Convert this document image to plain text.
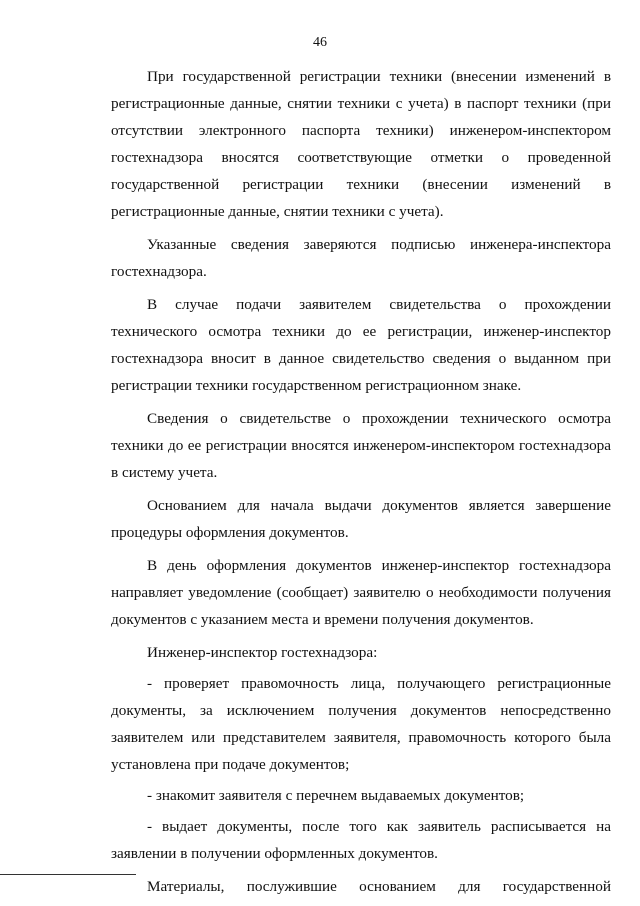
46

При государственной регистрации техники (внесении изменений в регистрационные данные, снятии техники с учета) в паспорт техники (при отсутствии электронного паспорта техники) инженером-инспектором гостехнадзора вносятся соответствующие отметки о проведенной государственной регистрации техники (внесении изменений в регистрационные данные, снятии техники с учета).

Указанные сведения заверяются подписью инженера-инспектора гостехнадзора.

В случае подачи заявителем свидетельства о прохождении технического осмотра техники до ее регистрации, инженер-инспектор гостехнадзора вносит в данное свидетельство сведения о выданном при регистрации техники государственном регистрационном знаке.

Сведения о свидетельстве о прохождении технического осмотра техники до ее регистрации вносятся инженером-инспектором гостехнадзора в систему учета.

Основанием для начала выдачи документов является завершение процедуры оформления документов.

В день оформления документов инженер-инспектор гостехнадзора направляет уведомление (сообщает) заявителю о необходимости получения документов с указанием места и времени получения документов.

Инженер-инспектор гостехнадзора:

- проверяет правомочность лица, получающего регистрационные документы, за исключением получения документов непосредственно заявителем или представителем заявителя, правомочность которого была установлена при подаче документов;

- знакомит заявителя с перечнем выдаваемых документов;

- выдает документы, после того как заявитель расписывается на заявлении в получении оформленных документов.

Материалы, послужившие основанием для государственной
